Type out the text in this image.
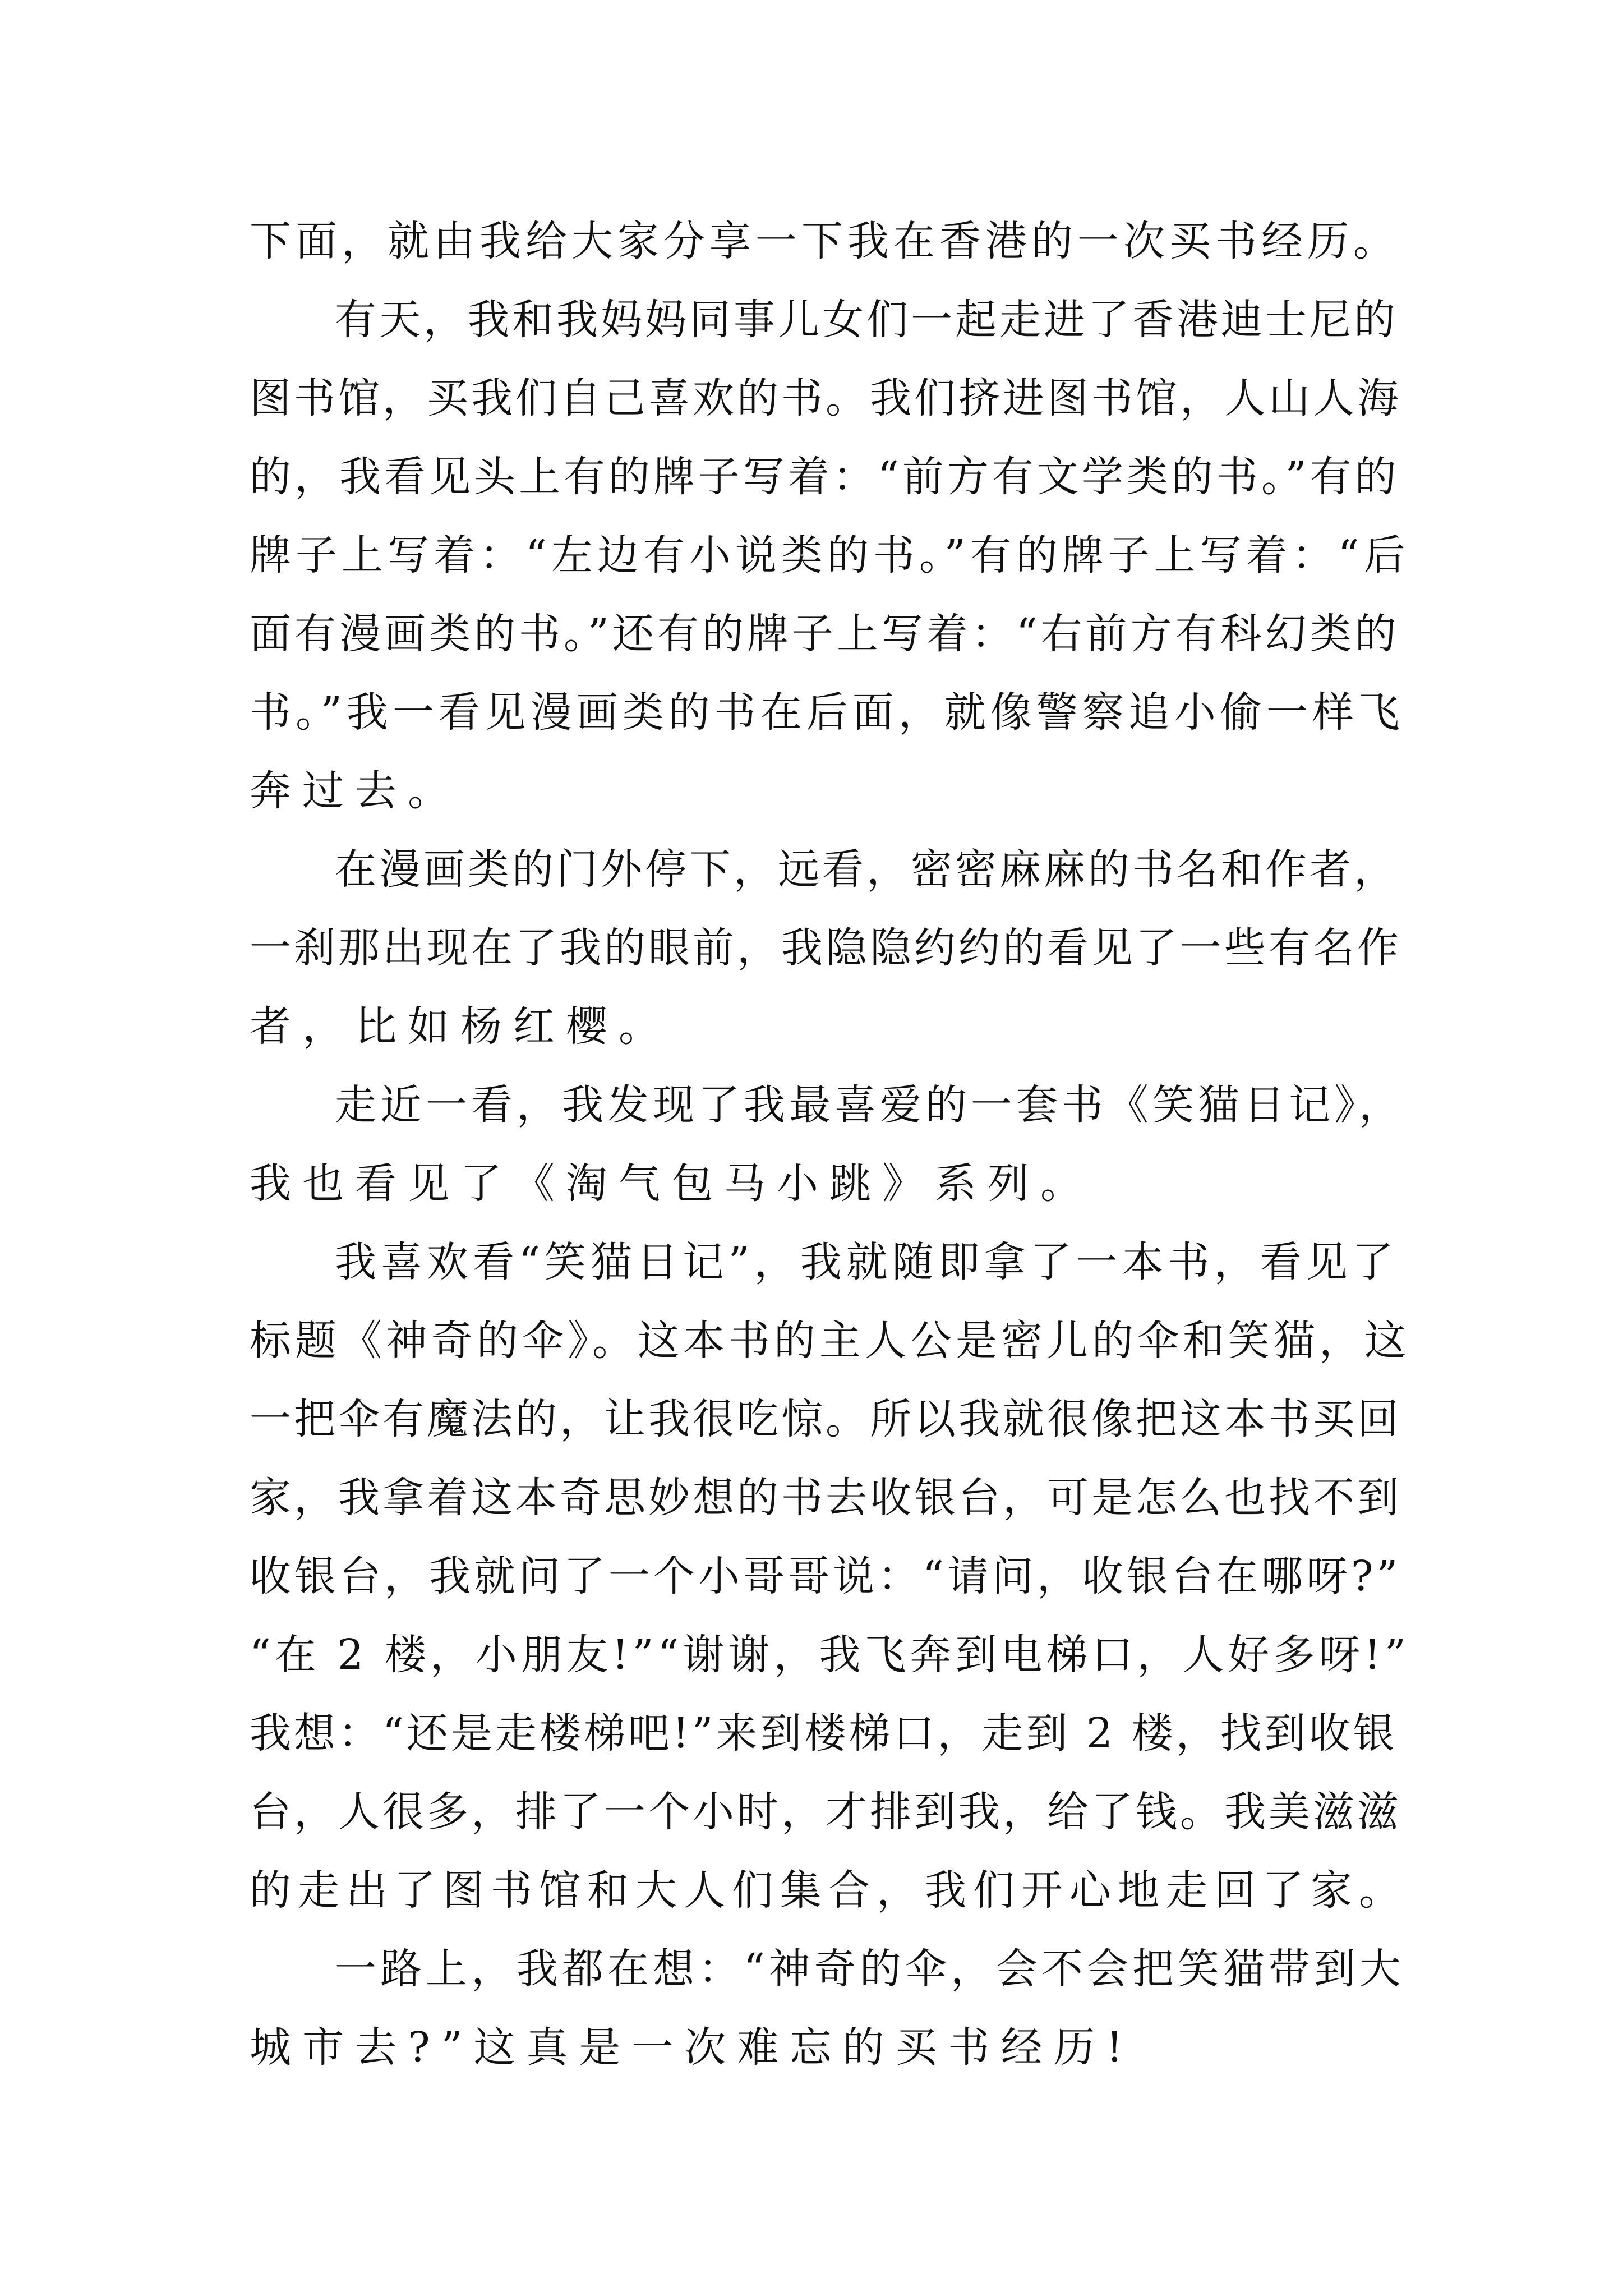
下面，就由我给大家分享一下我在香港的一次买书经历。
有天，我和我妈妈同事儿女们一起走进了香港迪士尼的
图书馆，买我们自己喜欢的书。我们挤进图书馆，人山人海
的，我看见头上有的牌子写着：“前方有文学类的书。”有的
牌子上写着：“左边有小说类的书。”有的牌子上写着：“后
面有漫画类的书。”还有的牌子上写着：“右前方有科幻类的
书。”我一看见漫画类的书在后面，就像警察追小偷一样飞
奔过去。
在漫画类的门外停下，远看，密密麻麻的书名和作者，
一刹那出现在了我的眼前，我隐隐约约的看见了一些有名作
者，比如杨红樱。
走近一看，我发现了我最喜爱的一套书《笑猫日记》，
我也看见了《淘气包马小跳》系列。
我喜欢看“笑猫日记”，我就随即拿了一本书，看见了
标题《神奇的伞》。这本书的主人公是密儿的伞和笑猫，这
一把伞有魔法的，让我很吃惊。所以我就很像把这本书买回
家，我拿着这本奇思妙想的书去收银台，可是怎么也找不到
收银台，我就问了一个小哥哥说：“请问，收银台在哪呀?”
“在 2 楼，小朋友!”“谢谢，我飞奔到电梯口，人好多呀!”
我想：“还是走楼梯吧!”来到楼梯口，走到 2 楼，找到收银
台，人很多，排了一个小时，才排到我，给了钱。我美滋滋
的走出了图书馆和大人们集合，我们开心地走回了家。
一路上，我都在想：“神奇的伞，会不会把笑猫带到大
城市去?”这真是一次难忘的买书经历!
